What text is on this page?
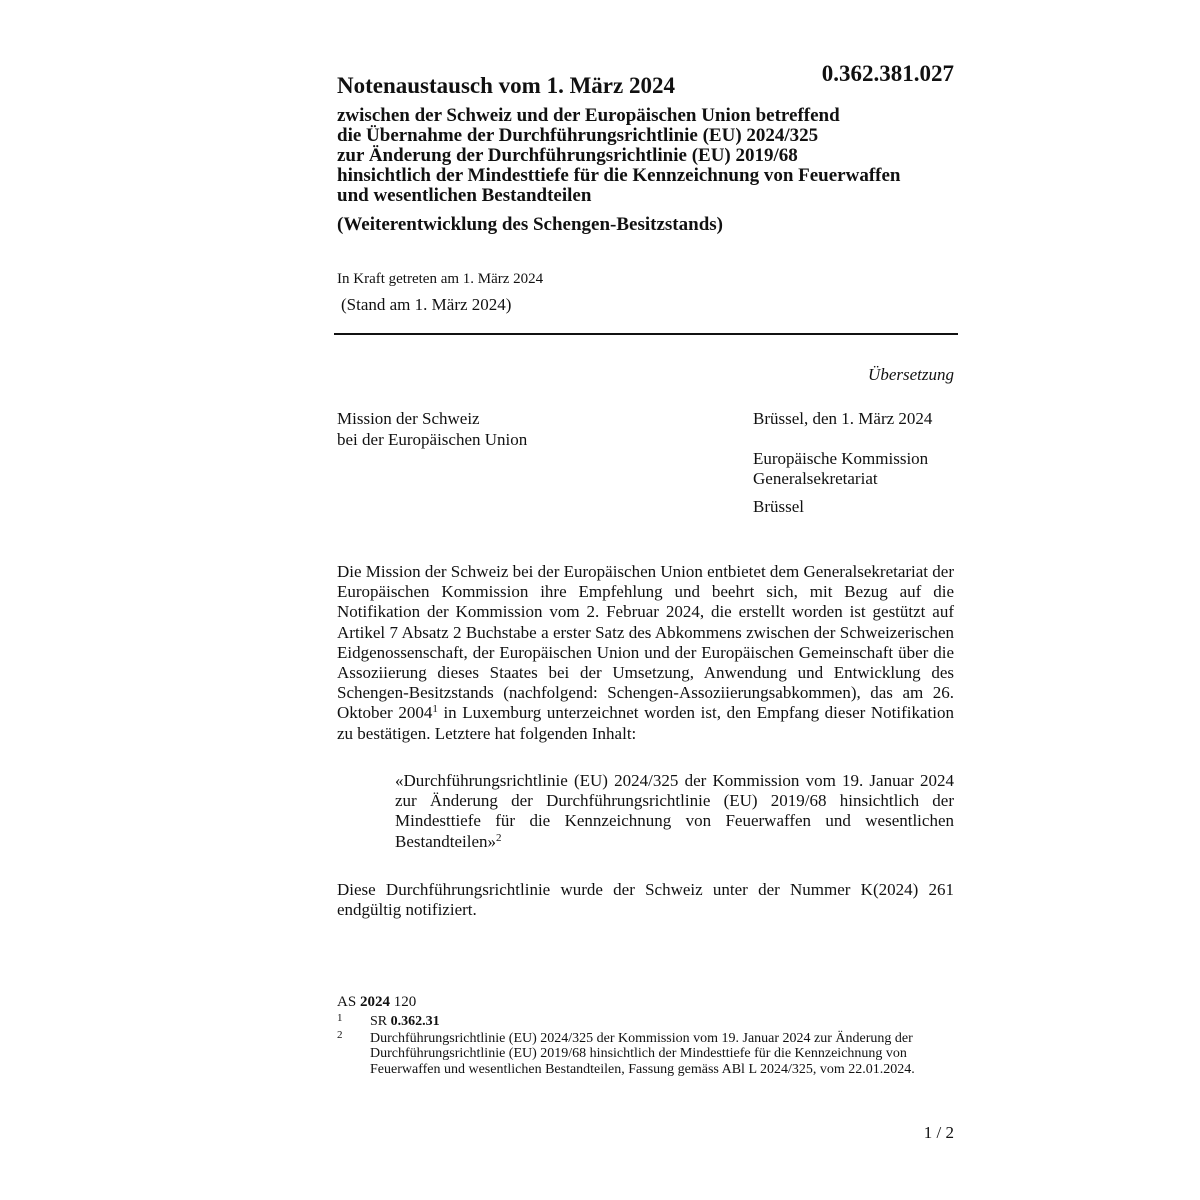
0.362.381.027
Notenaustausch vom 1. März 2024
zwischen der Schweiz und der Europäischen Union betreffend
die Übernahme der Durchführungsrichtlinie (EU) 2024/325
zur Änderung der Durchführungsrichtlinie (EU) 2019/68
hinsichtlich der Mindesttiefe für die Kennzeichnung von Feuerwaffen
und wesentlichen Bestandteilen
(Weiterentwicklung des Schengen-Besitzstands)
In Kraft getreten am 1. März 2024
(Stand am 1. März 2024)
Übersetzung
Mission der Schweiz
bei der Europäischen Union
Brüssel, den 1. März 2024
Europäische Kommission
Generalsekretariat
Brüssel
Die Mission der Schweiz bei der Europäischen Union entbietet dem Generalsekretariat der Europäischen Kommission ihre Empfehlung und beehrt sich, mit Bezug auf die Notifikation der Kommission vom 2. Februar 2024, die erstellt worden ist gestützt auf Artikel 7 Absatz 2 Buchstabe a erster Satz des Abkommens zwischen der Schweizerischen Eidgenossenschaft, der Europäischen Union und der Europäischen Gemeinschaft über die Assoziierung dieses Staates bei der Umsetzung, Anwendung und Entwicklung des Schengen-Besitzstands (nachfolgend: Schengen-Assoziierungsabkommen), das am 26. Oktober 2004$^1$ in Luxemburg unterzeichnet worden ist, den Empfang dieser Notifikation zu bestätigen. Letztere hat folgenden Inhalt:
«Durchführungsrichtlinie (EU) 2024/325 der Kommission vom 19. Januar 2024 zur Änderung der Durchführungsrichtlinie (EU) 2019/68 hinsichtlich der Mindesttiefe für die Kennzeichnung von Feuerwaffen und wesentlichen Bestandteilen»$^2$
Diese Durchführungsrichtlinie wurde der Schweiz unter der Nummer K(2024) 261 endgültig notifiziert.
AS 2024 120
1 SR 0.362.31
2 Durchführungsrichtlinie (EU) 2024/325 der Kommission vom 19. Januar 2024 zur Änderung der Durchführungsrichtlinie (EU) 2019/68 hinsichtlich der Mindesttiefe für die Kennzeichnung von Feuerwaffen und wesentlichen Bestandteilen, Fassung gemäss ABl L 2024/325, vom 22.01.2024.
1 / 2
